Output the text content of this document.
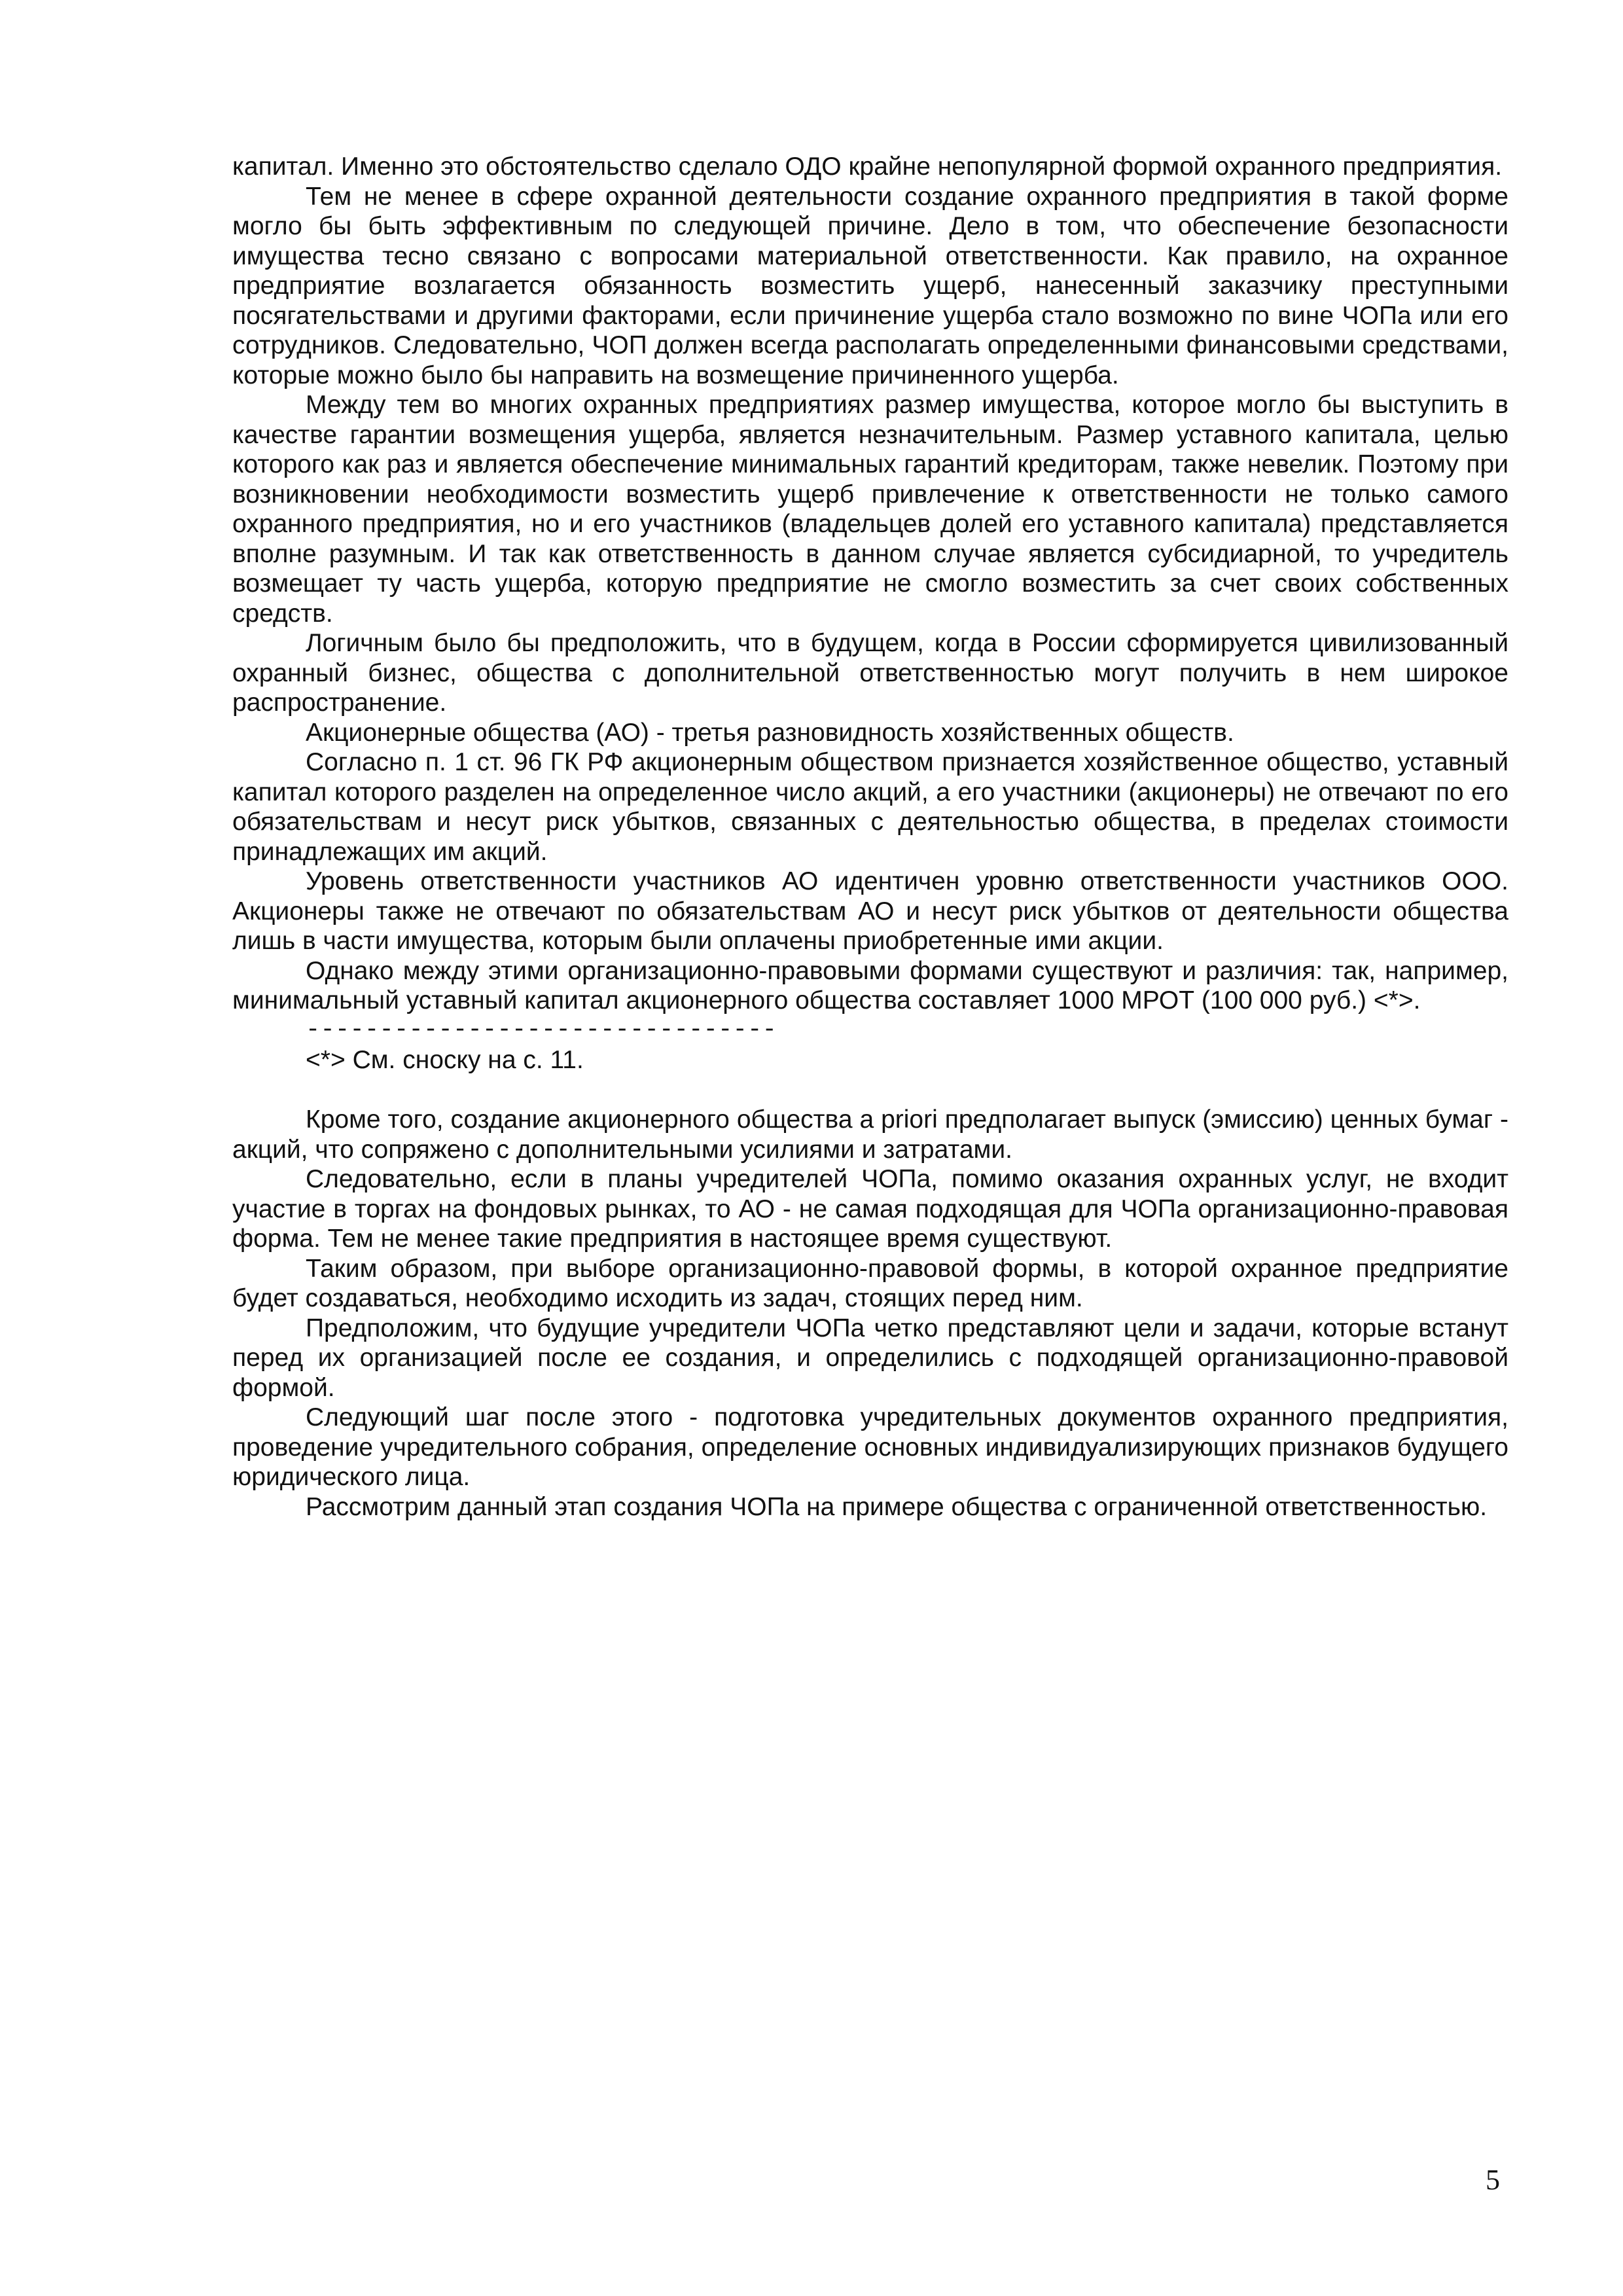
капитал. Именно это обстоятельство сделало ОДО крайне непопулярной формой охранного предприятия.

Тем не менее в сфере охранной деятельности создание охранного предприятия в такой форме могло бы быть эффективным по следующей причине. Дело в том, что обеспечение безопасности имущества тесно связано с вопросами материальной ответственности. Как правило, на охранное предприятие возлагается обязанность возместить ущерб, нанесенный заказчику преступными посягательствами и другими факторами, если причинение ущерба стало возможно по вине ЧОПа или его сотрудников. Следовательно, ЧОП должен всегда располагать определенными финансовыми средствами, которые можно было бы направить на возмещение причиненного ущерба.

Между тем во многих охранных предприятиях размер имущества, которое могло бы выступить в качестве гарантии возмещения ущерба, является незначительным. Размер уставного капитала, целью которого как раз и является обеспечение минимальных гарантий кредиторам, также невелик. Поэтому при возникновении необходимости возместить ущерб привлечение к ответственности не только самого охранного предприятия, но и его участников (владельцев долей его уставного капитала) представляется вполне разумным. И так как ответственность в данном случае является субсидиарной, то учредитель возмещает ту часть ущерба, которую предприятие не смогло возместить за счет своих собственных средств.

Логичным было бы предположить, что в будущем, когда в России сформируется цивилизованный охранный бизнес, общества с дополнительной ответственностью могут получить в нем широкое распространение.

Акционерные общества (АО) - третья разновидность хозяйственных обществ.

Согласно п. 1 ст. 96 ГК РФ акционерным обществом признается хозяйственное общество, уставный капитал которого разделен на определенное число акций, а его участники (акционеры) не отвечают по его обязательствам и несут риск убытков, связанных с деятельностью общества, в пределах стоимости принадлежащих им акций.

Уровень ответственности участников АО идентичен уровню ответственности участников ООО. Акционеры также не отвечают по обязательствам АО и несут риск убытков от деятельности общества лишь в части имущества, которым были оплачены приобретенные ими акции.

Однако между этими организационно-правовыми формами существуют и различия: так, например, минимальный уставный капитал акционерного общества составляет 1000 МРОТ (100 000 руб.) <*>.

--------------------------------
<*> См. сноску на с. 11.

Кроме того, создание акционерного общества a priori предполагает выпуск (эмиссию) ценных бумаг - акций, что сопряжено с дополнительными усилиями и затратами.

Следовательно, если в планы учредителей ЧОПа, помимо оказания охранных услуг, не входит участие в торгах на фондовых рынках, то АО - не самая подходящая для ЧОПа организационно-правовая форма. Тем не менее такие предприятия в настоящее время существуют.

Таким образом, при выборе организационно-правовой формы, в которой охранное предприятие будет создаваться, необходимо исходить из задач, стоящих перед ним.

Предположим, что будущие учредители ЧОПа четко представляют цели и задачи, которые встанут перед их организацией после ее создания, и определились с подходящей организационно-правовой формой.

Следующий шаг после этого - подготовка учредительных документов охранного предприятия, проведение учредительного собрания, определение основных индивидуализирующих признаков будущего юридического лица.

Рассмотрим данный этап создания ЧОПа на примере общества с ограниченной ответственностью.

5
